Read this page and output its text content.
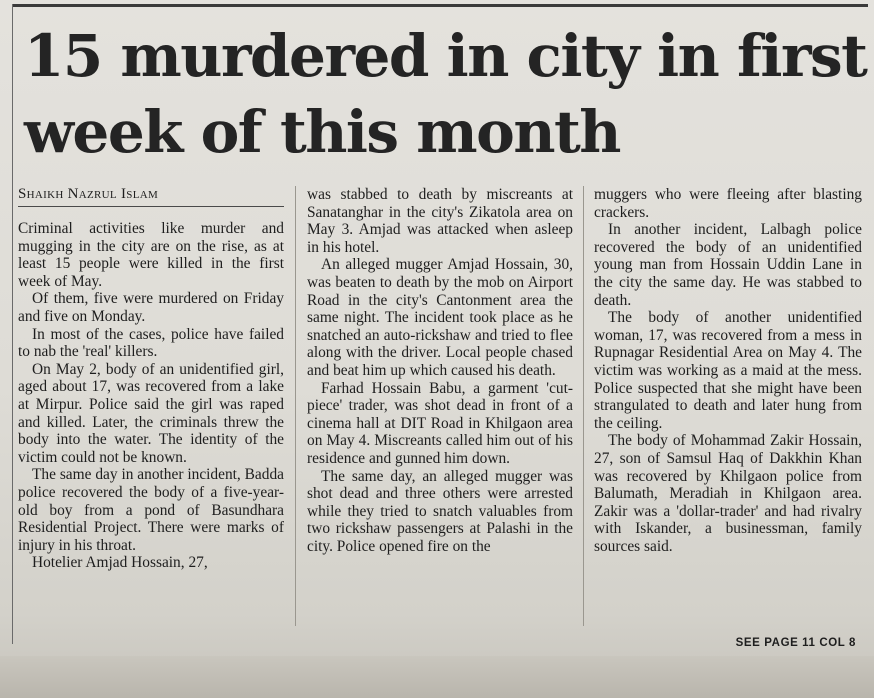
15 murdered in city in first
week of this month
Shaikh Nazrul Islam

Criminal activities like murder and mugging in the city are on the rise, as at least 15 people were killed in the first week of May.

Of them, five were murdered on Friday and five on Monday.

In most of the cases, police have failed to nab the 'real' killers.

On May 2, body of an unidentified girl, aged about 17, was recovered from a lake at Mirpur. Police said the girl was raped and killed. Later, the criminals threw the body into the water. The identity of the victim could not be known.

The same day in another incident, Badda police recovered the body of a five-year-old boy from a pond of Basundhara Residential Project. There were marks of injury in his throat.

Hotelier Amjad Hossain, 27,

was stabbed to death by miscreants at Sanatanghar in the city's Zikatola area on May 3. Amjad was attacked when asleep in his hotel.

An alleged mugger Amjad Hossain, 30, was beaten to death by the mob on Airport Road in the city's Cantonment area the same night. The incident took place as he snatched an auto-rickshaw and tried to flee along with the driver. Local people chased and beat him up which caused his death.

Farhad Hossain Babu, a garment 'cut-piece' trader, was shot dead in front of a cinema hall at DIT Road in Khilgaon area on May 4. Miscreants called him out of his residence and gunned him down.

The same day, an alleged mugger was shot dead and three others were arrested while they tried to snatch valuables from two rickshaw passengers at Palashi in the city. Police opened fire on the

muggers who were fleeing after blasting crackers.

In another incident, Lalbagh police recovered the body of an unidentified young man from Hossain Uddin Lane in the city the same day. He was stabbed to death.

The body of another unidentified woman, 17, was recovered from a mess in Rupnagar Residential Area on May 4. The victim was working as a maid at the mess. Police suspected that she might have been strangulated to death and later hung from the ceiling.

The body of Mohammad Zakir Hossain, 27, son of Samsul Haq of Dakkhin Khan was recovered by Khilgaon police from Balumath, Meradiah in Khilgaon area. Zakir was a 'dollar-trader' and had rivalry with Iskander, a businessman, family sources said.

SEE PAGE 11 COL 8
